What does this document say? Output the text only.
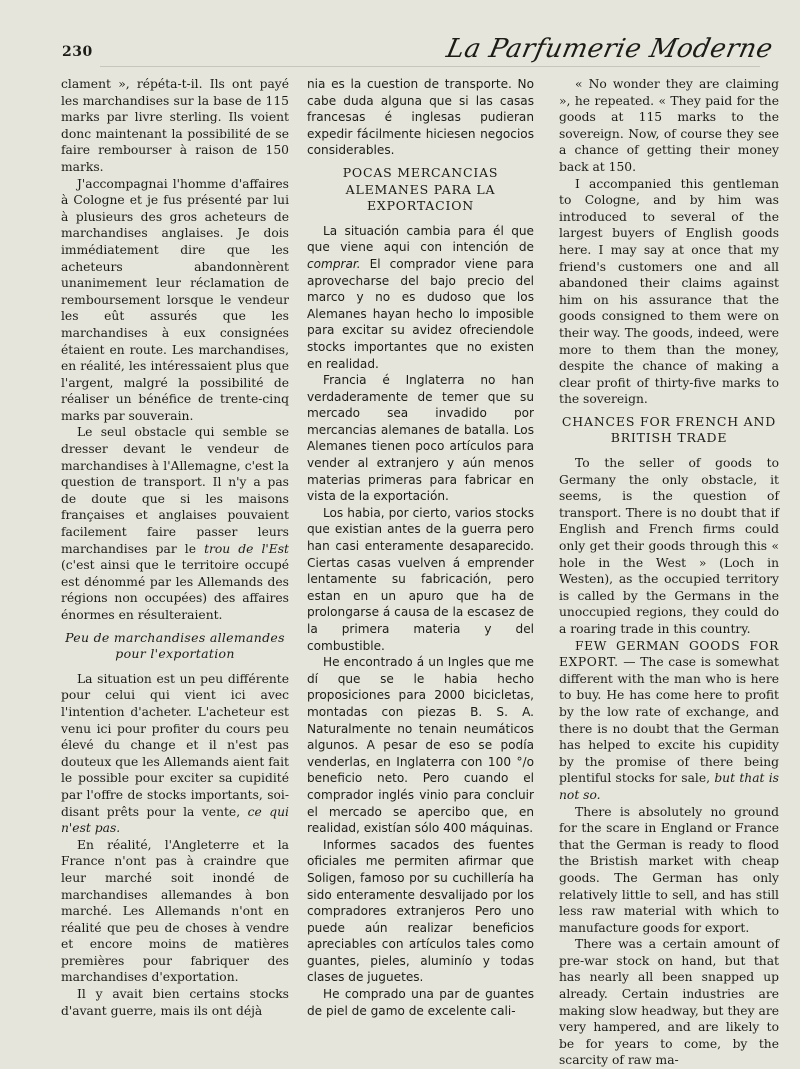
230	La Parfumerie Moderne

clament », répéta-t-il. Ils ont payé les marchandises sur la base de 115 marks par livre sterling. Ils voient donc maintenant la possibilité de se faire rembourser à raison de 150 marks.

J'accompagnai l'homme d'affaires à Cologne et je fus présenté par lui à plusieurs des gros acheteurs de marchandises anglaises. Je dois immédiatement dire que les acheteurs abandonnèrent unanimement leur réclamation de remboursement lorsque le vendeur les eût assurés que les marchandises à eux consignées étaient en route. Les marchandises, en réalité, les intéressaient plus que l'argent, malgré la possibilité de réaliser un bénéfice de trente-cinq marks par souverain.

Le seul obstacle qui semble se dresser devant le vendeur de marchandises à l'Allemagne, c'est la question de transport. Il n'y a pas de doute que si les maisons françaises et anglaises pouvaient facilement faire passer leurs marchandises par le trou de l'Est (c'est ainsi que le territoire occupé est dénommé par les Allemands des régions non occupées) des affaires énormes en résulteraient.

Peu de marchandises allemandes pour l'exportation

La situation est un peu différente pour celui qui vient ici avec l'intention d'acheter. L'acheteur est venu ici pour profiter du cours peu élevé du change et il n'est pas douteux que les Allemands aient fait le possible pour exciter sa cupidité par l'offre de stocks importants, soi-disant prêts pour la vente, ce qui n'est pas.

En réalité, l'Angleterre et la France n'ont pas à craindre que leur marché soit inondé de marchandises allemandes à bon marché. Les Allemands n'ont en réalité que peu de choses à vendre et encore moins de matières premières pour fabriquer des marchandises d'exportation.

Il y avait bien certains stocks d'avant guerre, mais ils ont déjà

nia es la cuestion de transporte. No cabe duda alguna que si las casas francesas é inglesas pudieran expedir fácilmente hiciesen negocios considerables.

POCAS MERCANCIAS ALEMANES PARA LA EXPORTACION

La situación cambia para él que que viene aqui con intención de comprar. El comprador viene para aprovecharse del bajo precio del marco y no es dudoso que los Alemanes hayan hecho lo imposible para excitar su avidez ofreciendole stocks importantes que no existen en realidad.

Francia é Inglaterra no han verdaderamente de temer que su mercado sea invadido por mercancias alemanes de batalla. Los Alemanes tienen poco artículos para vender al extranjero y aún menos materias primeras para fabricar en vista de la exportación.

Los habia, por cierto, varios stocks que existian antes de la guerra pero han casi enteramente desaparecido. Ciertas casas vuelven á emprender lentamente su fabricación, pero estan en un apuro que ha de prolongarse á causa de la escasez de la primera materia y del combustible.

He encontrado á un Ingles que me dí que se le habia hecho proposiciones para 2000 bicicletas, montadas con piezas B. S. A. Naturalmente no tenain neumáticos algunos. A pesar de eso se podía venderlas, en Inglaterra con 100 °/o beneficio neto. Pero cuando el comprador inglés vinio para concluir el mercado se apercibo que, en realidad, existían sólo 400 máquinas.

Informes sacados des fuentes oficiales me permiten afirmar que Soligen, famoso por su cuchillería ha sido enteramente desvalijado por los compradores extranjeros Pero uno puede aún realizar beneficios apreciables con artículos tales como guantes, pieles, aluminío y todas clases de juguetes.

He comprado una par de guantes de piel de gamo de excelente cali-

« No wonder they are claiming », he repeated. « They paid for the goods at 115 marks to the sovereign. Now, of course they see a chance of getting their money back at 150.

I accompanied this gentleman to Cologne, and by him was introduced to several of the largest buyers of English goods here. I may say at once that my friend's customers one and all abandoned their claims against him on his assurance that the goods consigned to them were on their way. The goods, indeed, were more to them than the money, despite the chance of making a clear profit of thirty-five marks to the sovereign.

CHANCES FOR FRENCH AND BRITISH TRADE

To the seller of goods to Germany the only obstacle, it seems, is the question of transport. There is no doubt that if English and French firms could only get their goods through this « hole in the West » (Loch in Westen), as the occupied territory is called by the Germans in the unoccupied regions, they could do a roaring trade in this country.

FEW GERMAN GOODS FOR EXPORT. — The case is somewhat different with the man who is here to buy. He has come here to profit by the low rate of exchange, and there is no doubt that the German has helped to excite his cupidity by the promise of there being plentiful stocks for sale, but that is not so.

There is absolutely no ground for the scare in England or France that the German is ready to flood the Bristish market with cheap goods. The German has only relatively little to sell, and has still less raw material with which to manufacture goods for export.

There was a certain amount of pre-war stock on hand, but that has nearly all been snapped up already. Certain industries are making slow headway, but they are very hampered, and are likely to be for years to come, by the scarcity of raw ma-
